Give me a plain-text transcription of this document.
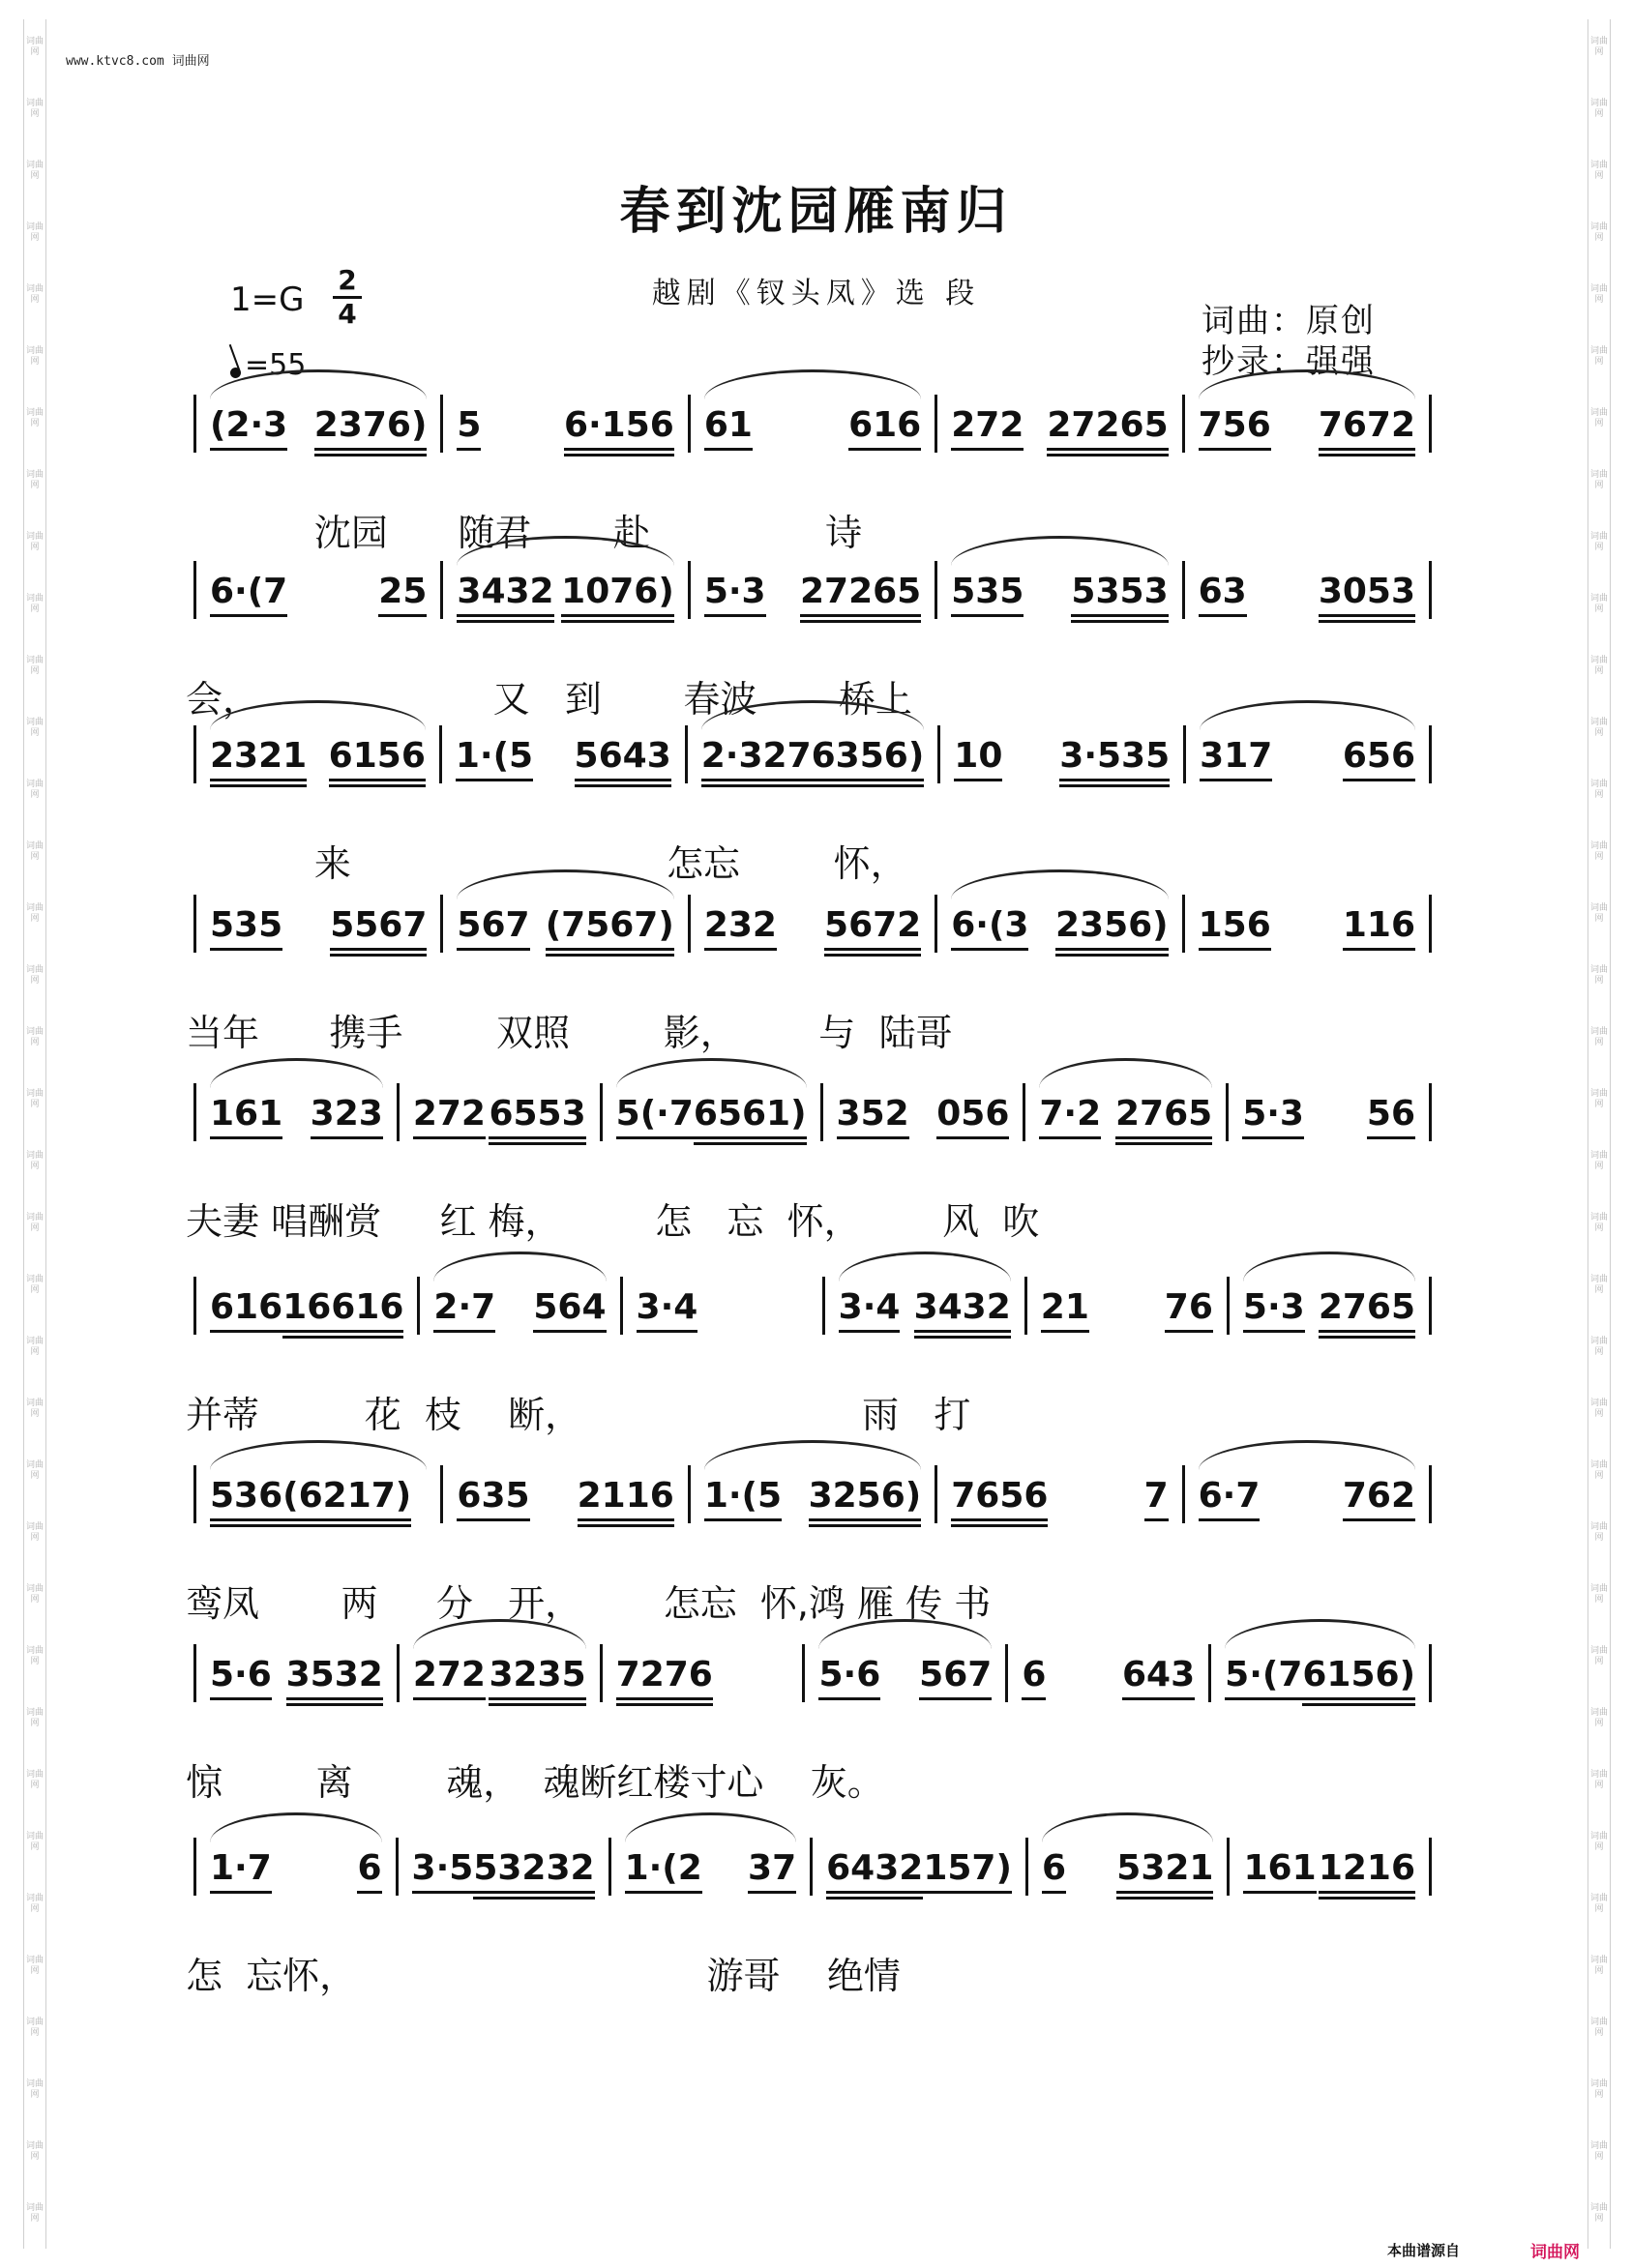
词曲网
词曲网
词曲网
词曲网
词曲网
词曲网
词曲网
词曲网
词曲网
词曲网
词曲网
词曲网
词曲网
词曲网
词曲网
词曲网
词曲网
词曲网
词曲网
词曲网
词曲网
词曲网
词曲网
词曲网
词曲网
词曲网
词曲网
词曲网
词曲网
词曲网
词曲网
词曲网
词曲网
词曲网
词曲网
词曲网
词曲网
词曲网
词曲网
词曲网
词曲网
词曲网
词曲网
词曲网
词曲网
词曲网
词曲网
词曲网
词曲网
词曲网
词曲网
词曲网
词曲网
词曲网
词曲网
词曲网
词曲网
词曲网
词曲网
词曲网
词曲网
词曲网
词曲网
词曲网
词曲网
词曲网
词曲网
词曲网
词曲网
词曲网
词曲网
词曲网
www.ktvc8.com 词曲网
春到沈园雁南归
越剧《钗头凤》选 段
1=G
2
4
=55
词曲：原创
抄录：强强
(2·3 2376) 5 6·156 61	616 272 27265 756 7672
沈园      随君       赴               诗
6·(7	25 3432 1076) 5·3 27265 535 5353 63 3053
会，                    又   到       春波       桥上
2321 6156 1·(5 5643 2·327 6356) 10 3·535 317 656
来                           怎忘        怀，
535 5567 567 (7567) 232 5672 6·(3 2356) 156 116
当年      携手        双照        影，       与  陆哥
161 323 272 6553 5(·7 6561) 352 056 7·2 2765 5·3 56
夫妻 唱酬赏     红 梅，        怎   忘  怀，       风  吹
616 16616 2·7 564 3·4	3·4 3432 21 76 5·3 2765
并蒂         花  枝    断，                        雨   打
536(6217) 635 2116 1·(5 3256) 7656	7 6·7 762
鸾凤       两     分   开，       怎忘  怀,鸿 雁 传 书
5·6 3532 272 3235 7276	5·6 567 6 643 5·(7 6156)
惊        离        魂，  魂断红楼寸心    灰。
1·7 6 3·5 53232 1·(2 37 6432 157) 6 5321 161 1216
怎  忘怀，                              游哥    绝情
本曲谱源自	词曲网
